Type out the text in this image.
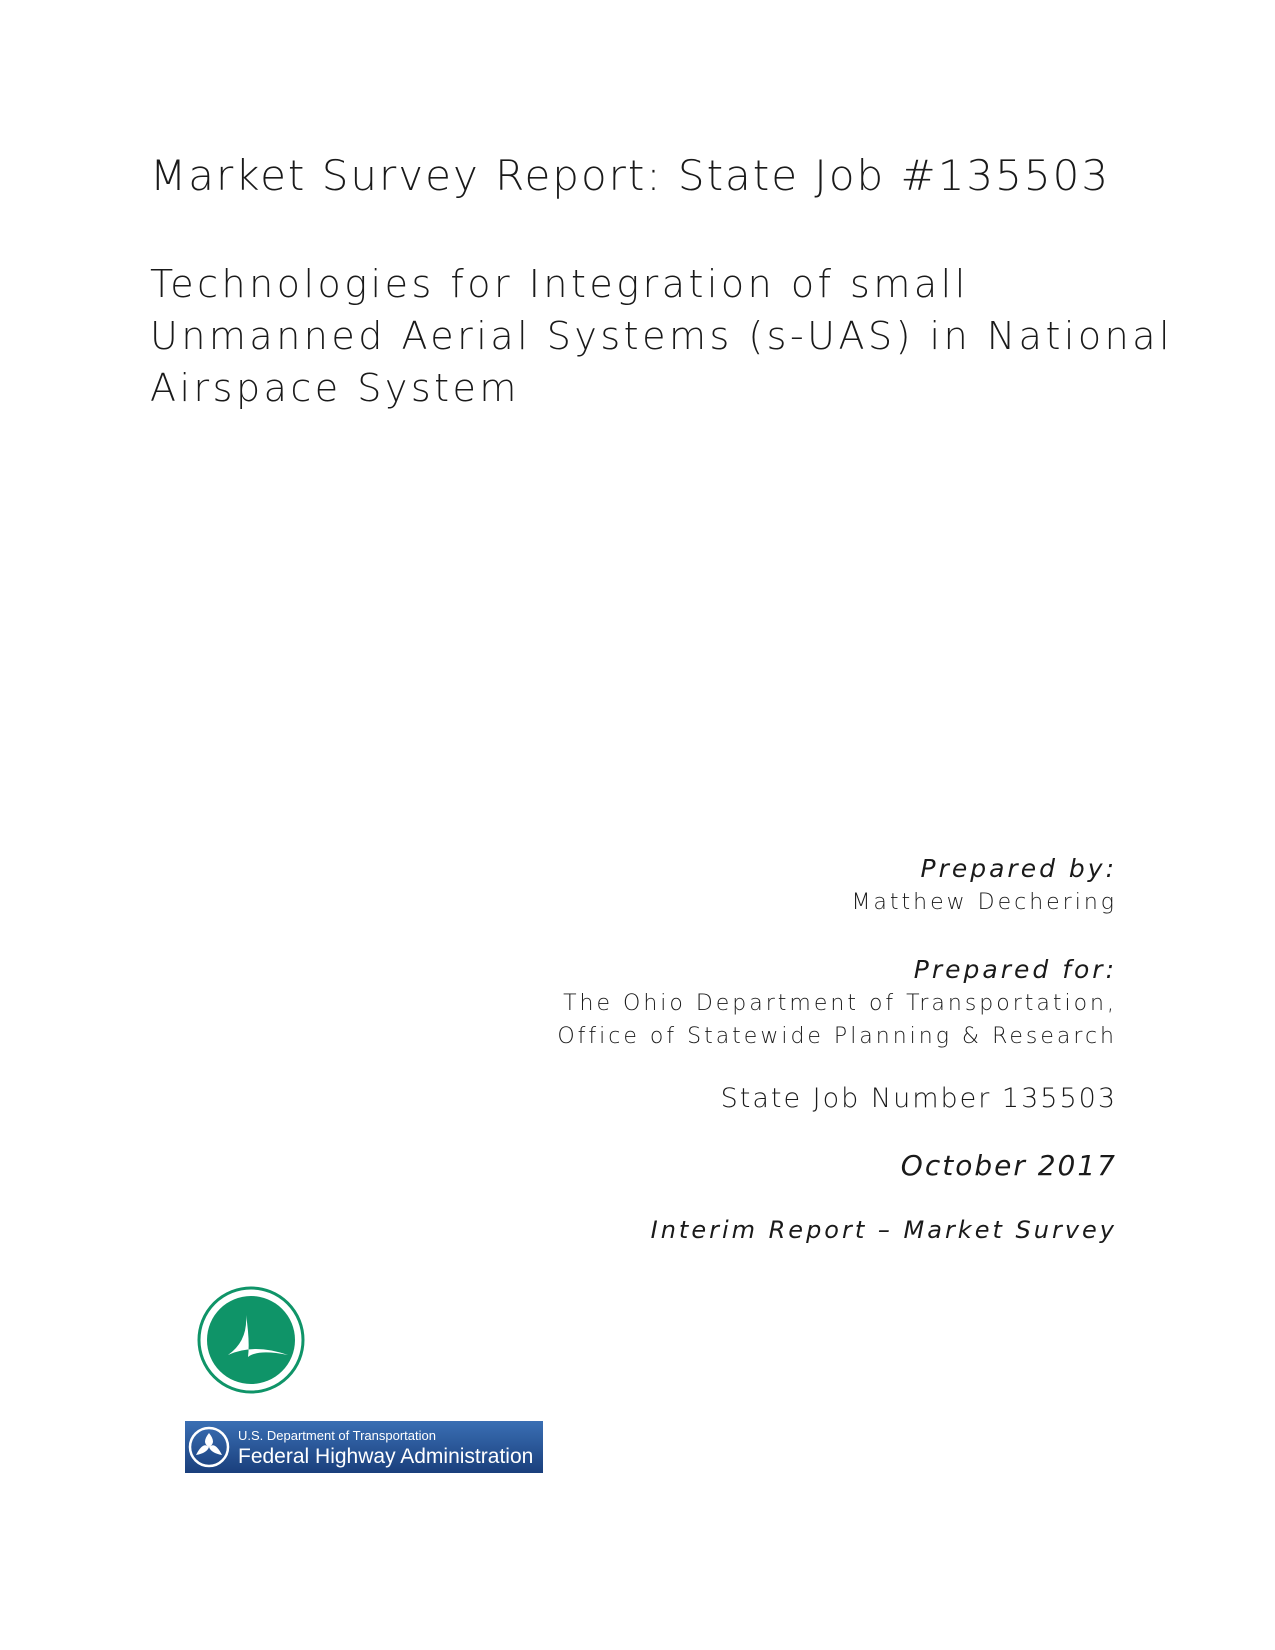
Market Survey Report: State Job #135503
Technologies for Integration of small
Unmanned Aerial Systems (s-UAS) in National
Airspace System
Prepared by:
Matthew Dechering
Prepared for:
The Ohio Department of Transportation,
Office of Statewide Planning & Research
State Job Number 135503
October 2017
Interim Report – Market Survey
U.S. Department of Transportation
Federal Highway Administration
